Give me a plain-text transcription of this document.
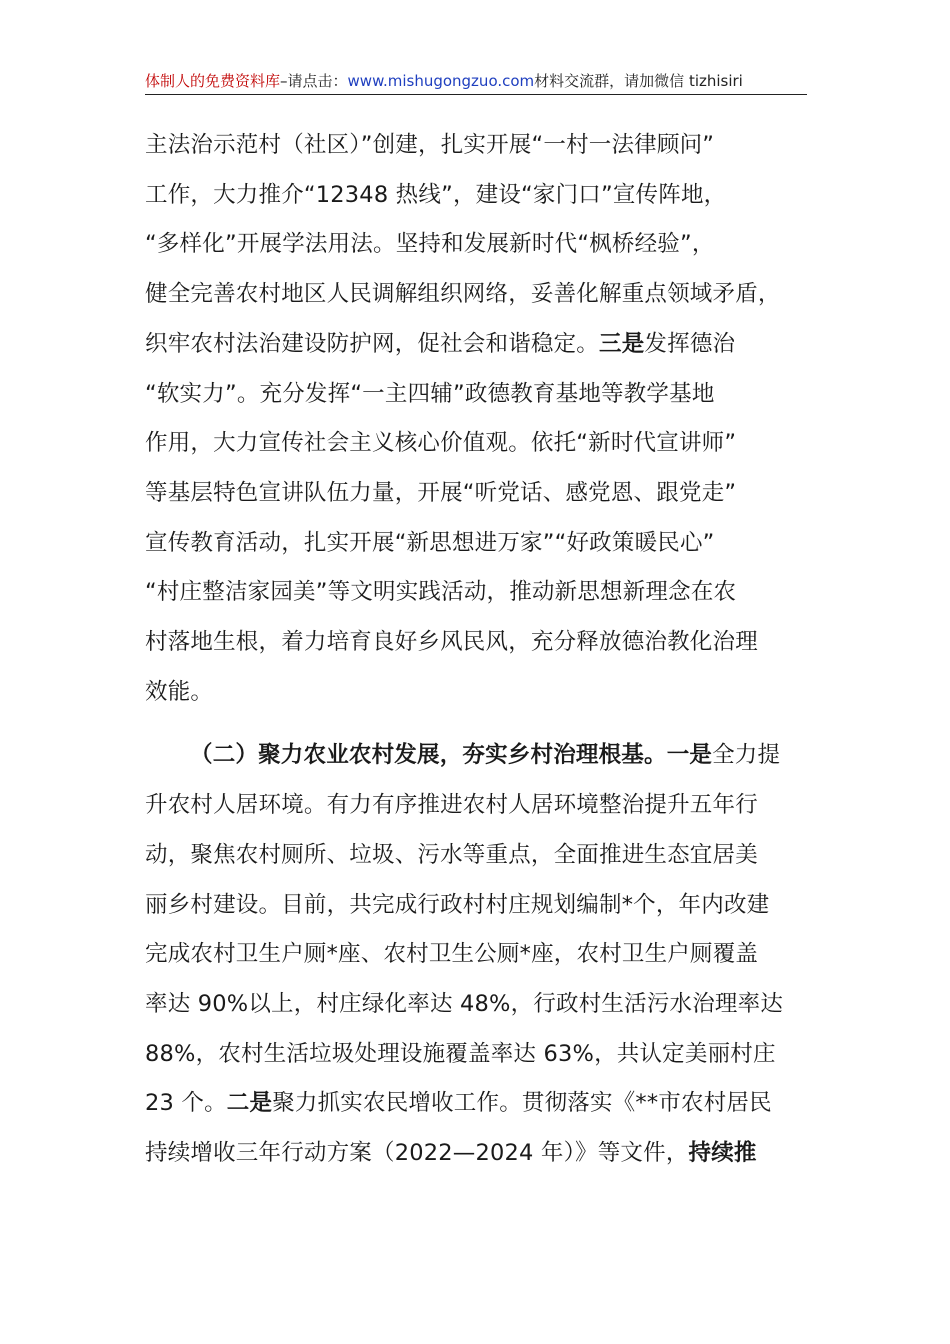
体制人的免费资料库–请点击：www.mishugongzuo.com材料交流群，请加微信 tizhisiri

主法治示范村（社区）”创建，扎实开展“一村一法律顾问”

工作，大力推介“12348 热线”，建设“家门口”宣传阵地，

“多样化”开展学法用法。坚持和发展新时代“枫桥经验”，

健全完善农村地区人民调解组织网络，妥善化解重点领域矛盾，

织牢农村法治建设防护网，促社会和谐稳定。三是发挥德治

“软实力”。充分发挥“一主四辅”政德教育基地等教学基地

作用，大力宣传社会主义核心价值观。依托“新时代宣讲师”

等基层特色宣讲队伍力量，开展“听党话、感党恩、跟党走”

宣传教育活动，扎实开展“新思想进万家”“好政策暖民心”

“村庄整洁家园美”等文明实践活动，推动新思想新理念在农

村落地生根，着力培育良好乡风民风，充分释放德治教化治理

效能。

（二）聚力农业农村发展，夯实乡村治理根基。一是全力提

升农村人居环境。有力有序推进农村人居环境整治提升五年行

动，聚焦农村厕所、垃圾、污水等重点，全面推进生态宜居美

丽乡村建设。目前，共完成行政村村庄规划编制*个，年内改建

完成农村卫生户厕*座、农村卫生公厕*座，农村卫生户厕覆盖

率达 90%以上，村庄绿化率达 48%，行政村生活污水治理率达

88%，农村生活垃圾处理设施覆盖率达 63%，共认定美丽村庄

23 个。二是聚力抓实农民增收工作。贯彻落实《**市农村居民

持续增收三年行动方案（2022—2024 年）》等文件，持续推
